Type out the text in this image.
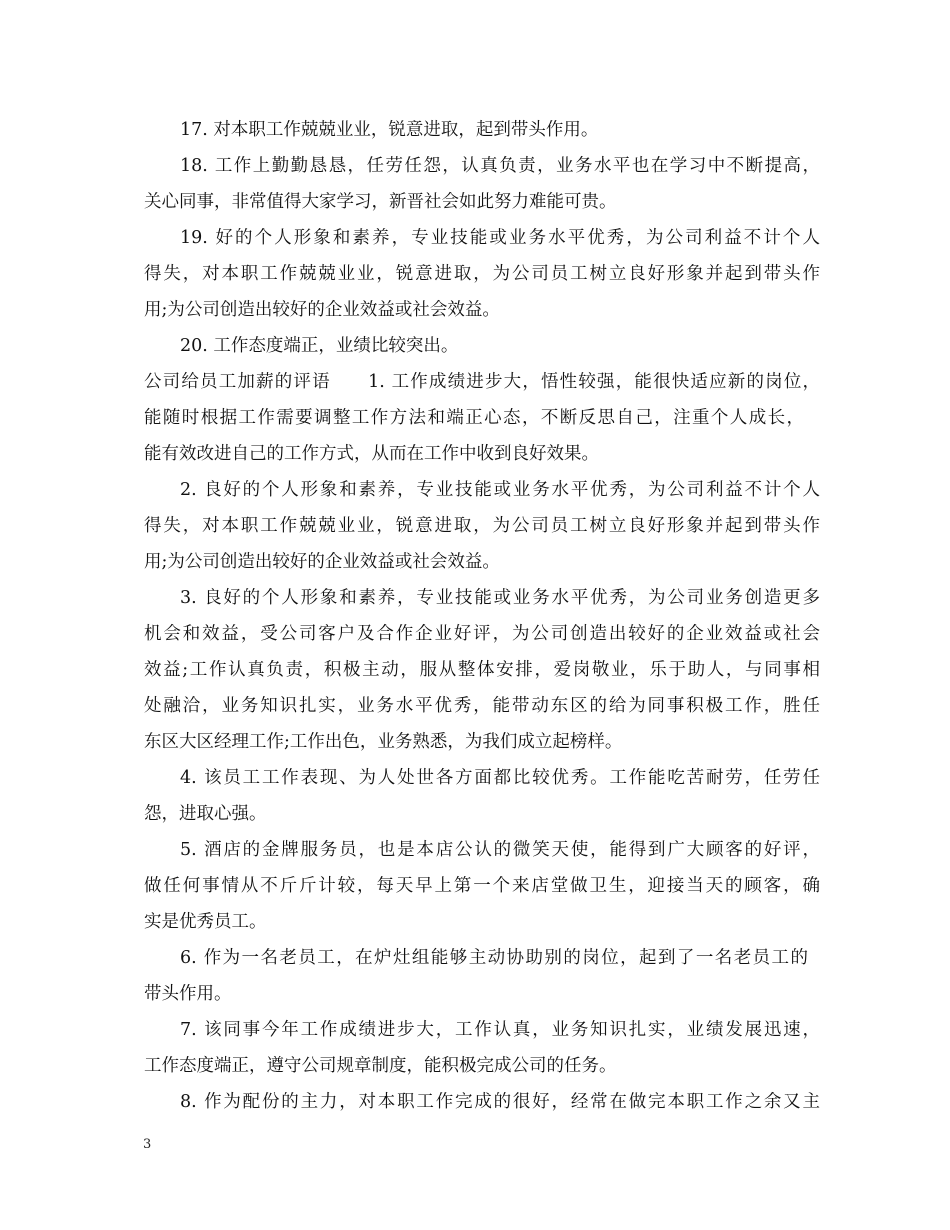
17. 对本职工作兢兢业业，锐意进取，起到带头作用。
18. 工作上勤勤恳恳，任劳任怨，认真负责，业务水平也在学习中不断提高，
关心同事，非常值得大家学习，新晋社会如此努力难能可贵。
19. 好的个人形象和素养，专业技能或业务水平优秀，为公司利益不计个人
得失，对本职工作兢兢业业，锐意进取，为公司员工树立良好形象并起到带头作
用;为公司创造出较好的企业效益或社会效益。
20. 工作态度端正，业绩比较突出。
公司给员工加薪的评语　　1. 工作成绩进步大，悟性较强，能很快适应新的岗位，
能随时根据工作需要调整工作方法和端正心态，不断反思自己，注重个人成长，
能有效改进自己的工作方式，从而在工作中收到良好效果。
2. 良好的个人形象和素养，专业技能或业务水平优秀，为公司利益不计个人
得失，对本职工作兢兢业业，锐意进取，为公司员工树立良好形象并起到带头作
用;为公司创造出较好的企业效益或社会效益。
3. 良好的个人形象和素养，专业技能或业务水平优秀，为公司业务创造更多
机会和效益，受公司客户及合作企业好评，为公司创造出较好的企业效益或社会
效益;工作认真负责，积极主动，服从整体安排，爱岗敬业，乐于助人，与同事相
处融洽，业务知识扎实，业务水平优秀，能带动东区的给为同事积极工作，胜任
东区大区经理工作;工作出色，业务熟悉，为我们成立起榜样。
4. 该员工工作表现、为人处世各方面都比较优秀。工作能吃苦耐劳，任劳任
怨，进取心强。
5. 酒店的金牌服务员，也是本店公认的微笑天使，能得到广大顾客的好评，
做任何事情从不斤斤计较，每天早上第一个来店堂做卫生，迎接当天的顾客，确
实是优秀员工。
6. 作为一名老员工，在炉灶组能够主动协助别的岗位，起到了一名老员工的
带头作用。
7. 该同事今年工作成绩进步大，工作认真，业务知识扎实，业绩发展迅速，
工作态度端正，遵守公司规章制度，能积极完成公司的任务。
8. 作为配份的主力，对本职工作完成的很好，经常在做完本职工作之余又主
3
